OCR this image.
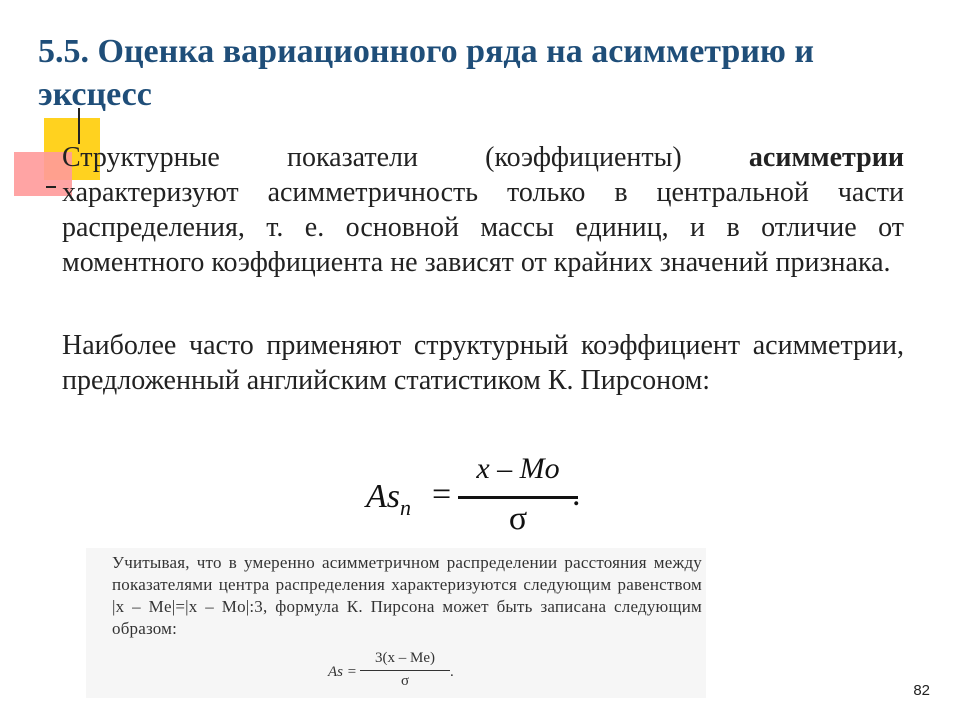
5.5. Оценка вариационного ряда на асимметрию и эксцесс
Структурные показатели (коэффициенты) асимметрии характеризуют асимметричность только в центральной части распределения, т. е. основной массы единиц, и в отличие от моментного коэффициента не зависят от крайних значений признака.
Наиболее часто применяют структурный коэффициент асимметрии, предложенный английским статистиком К. Пирсоном:
$As_п$ =
x – Mo
σ
.
Учитывая, что в умеренно асимметричном распределении расстояния между показателями центра распределения характеризуются следующим равенством |x – Me|=|x – Mo|:3, формула К. Пирсона может быть записана следующим образом:
As =
3(x – Me)
σ
.
82
